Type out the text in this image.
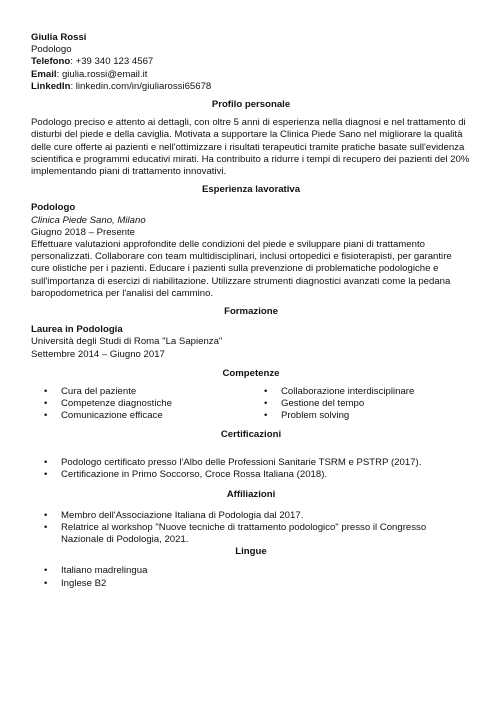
Giulia Rossi
Podologo
Telefono: +39 340 123 4567
Email: giulia.rossi@email.it
LinkedIn: linkedin.com/in/giuliarossi65678
Profilo personale
Podologo preciso e attento ai dettagli, con oltre 5 anni di esperienza nella diagnosi e nel trattamento di disturbi del piede e della caviglia. Motivata a supportare la Clinica Piede Sano nel migliorare la qualità delle cure offerte ai pazienti e nell'ottimizzare i risultati terapeutici tramite pratiche basate sull'evidenza scientifica e programmi educativi mirati. Ha contribuito a ridurre i tempi di recupero dei pazienti del 20% implementando piani di trattamento innovativi.
Esperienza lavorativa
Podologo
Clinica Piede Sano, Milano
Giugno 2018 – Presente
Effettuare valutazioni approfondite delle condizioni del piede e sviluppare piani di trattamento personalizzati. Collaborare con team multidisciplinari, inclusi ortopedici e fisioterapisti, per garantire cure olistiche per i pazienti. Educare i pazienti sulla prevenzione di problematiche podologiche e sull'importanza di esercizi di riabilitazione. Utilizzare strumenti diagnostici avanzati come la pedana baropodometrica per l'analisi del cammino.
Formazione
Laurea in Podologia
Università degli Studi di Roma "La Sapienza"
Settembre 2014 – Giugno 2017
Competenze
• Cura del paziente
• Competenze diagnostiche
• Comunicazione efficace
• Collaborazione interdisciplinare
• Gestione del tempo
• Problem solving
Certificazioni
• Podologo certificato presso l'Albo delle Professioni Sanitarie TSRM e PSTRP (2017).
• Certificazione in Primo Soccorso, Croce Rossa Italiana (2018).
Affiliazioni
• Membro dell'Associazione Italiana di Podologia dal 2017.
• Relatrice al workshop "Nuove tecniche di trattamento podologico" presso il Congresso Nazionale di Podologia, 2021.
Lingue
• Italiano madrelingua
• Inglese B2
